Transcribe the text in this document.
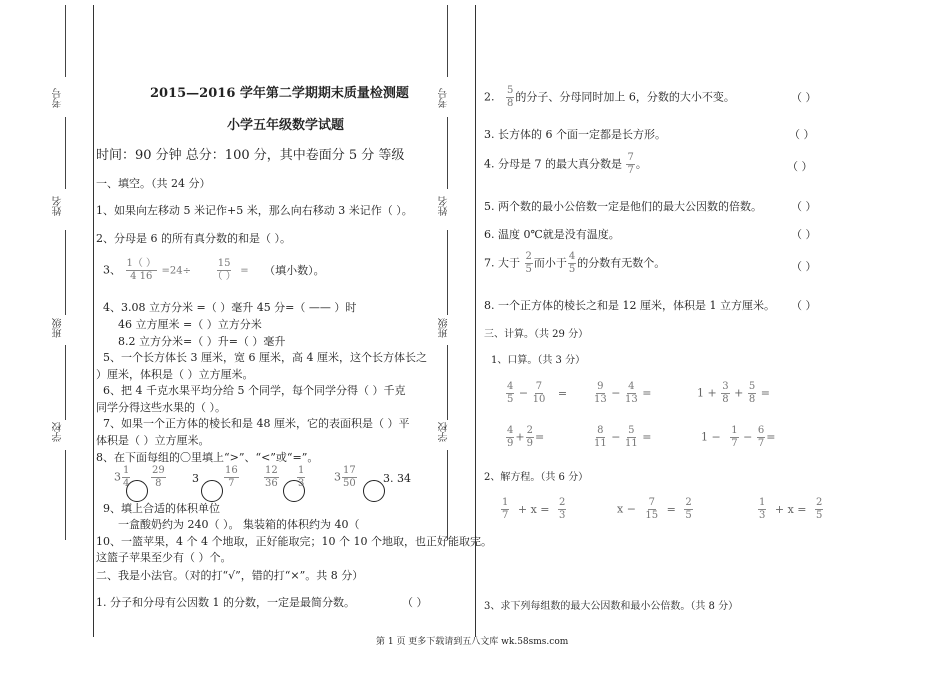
考号
姓名
班级
学校
考号
姓名
班级
学校
2015—2016 学年第二学期期末质量检测题
小学五年级数学试题
时间：90 分钟 总分：100 分，其中卷面分 5 分 等级
一、填空。（共 24 分）
1、如果向左移动 5 米记作+5 米，那么向右移动 3 米记作（ ）。
2、分母是 6 的所有真分数的和是（ ）。
3、 $\frac{1( )}{4 16} =24\div \frac{15}{( )}$ = （填小数）。
4、3.08 立方分米 =（ ）毫升 45 分=（ —— ）时
46 立方厘米 =（ ）立方分米
8.2 立方分米=（ ）升=（ ）毫升
5、一个长方体长 3 厘米，宽 6 厘米，高 4 厘米，这个长方体长之
）厘米，体积是（ ）立方厘米。
6、把 4 千克水果平均分给 5 个同学，每个同学分得（ ）千克
同学分得这些水果的（ ）。
7、如果一个正方体的棱长和是 48 厘米，它的表面积是（ ）平
体积是（ ）立方厘米。
8、在下面每组的〇里填上“>”、“<”或“=”。
$3 \frac{1}{4} \frac{29}{8} 3$	$\frac{16}{7}$	$\frac{12}{36} \frac{1}{3}$	$3 \frac{17}{50} 3$. 34
9、填上合适的体积单位
一盒酸奶约为 240（ ）。 集装箱的体积约为 40（
10、一篮苹果，4 个 4 个地取，正好能取完；10 个 10 个地取，也正好能取完。
这篮子苹果至少有（ ）个。
二、我是小法官。（对的打“√”，错的打“×”。共 8 分）
1. 分子和分母有公因数 1 的分数，一定是最简分数。	（ ）
2. $\frac{5}{8}$ 的分子、分母同时加上 6，分数的大小不变。	（ ）
3. 长方体的 6 个面一定都是长方形。	（ ）
4. 分母是 7 的最大真分数是 $\frac{7}{7}$ 。	（ ）
5. 两个数的最小公倍数一定是他们的最大公因数的倍数。	（ ）
6. 温度 0℃就是没有温度。	（ ）
7. 大于 $\frac{2}{5}$ 而小于 $\frac{4}{5}$ 的分数有无数个。	（ ）
8. 一个正方体的棱长之和是 12 厘米，体积是 1 立方厘米。 （ ）
三、计算。（共 29 分）
1、口算。（共 3 分）
$\frac{4}{5} - \frac{7}{10}$ =	$\frac{9}{13} - \frac{4}{13}$ =	$1 + \frac{3}{8} + \frac{5}{8}$ =
$\frac{4}{9} + \frac{2}{9}$ =	$\frac{8}{11} - \frac{5}{11}$ =	$1 - \frac{1}{7} - \frac{6}{7}$ =
2、解方程。（共 6 分）
$\frac{1}{7} + x = \frac{2}{3}$	$x - \frac{7}{15} = \frac{2}{5}$	$\frac{1}{3} + x = \frac{2}{5}$
3、求下列每组数的最大公因数和最小公倍数。（共 8 分）
第 1 页 更多下载请到五八文库 wk.58sms.com
